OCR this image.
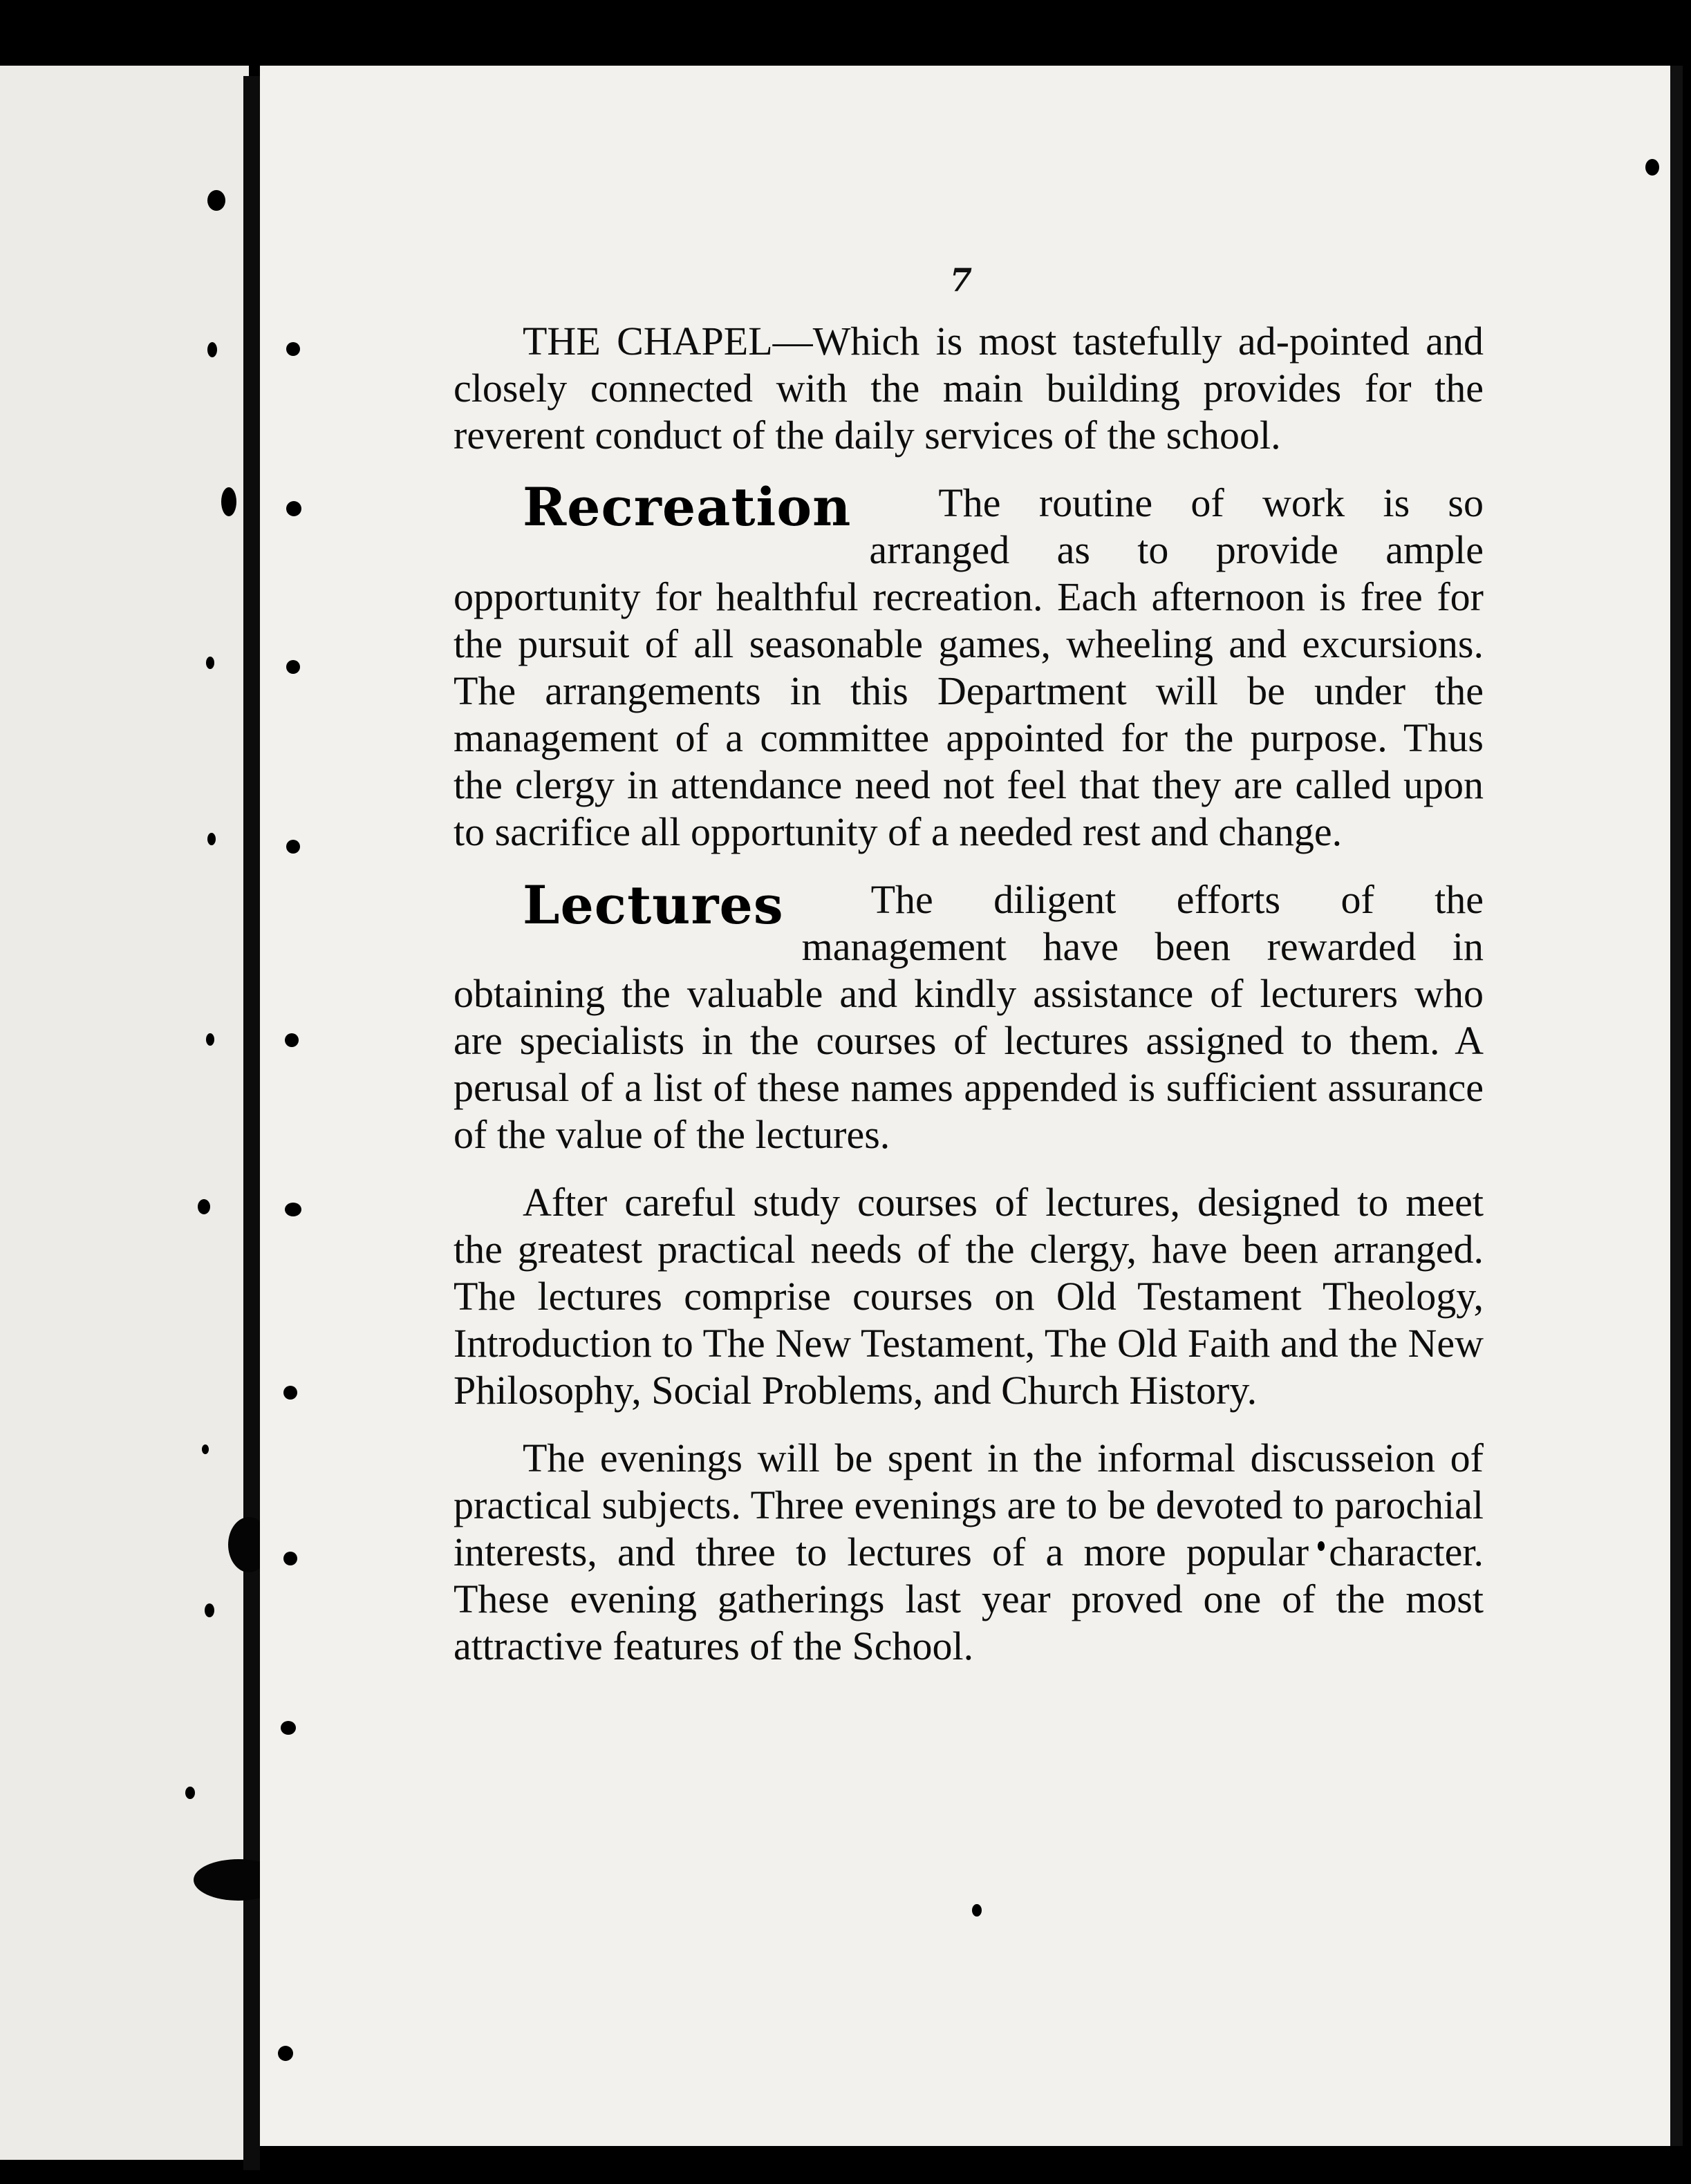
7

THE CHAPEL—Which is most tastefully ad-pointed and closely connected with the main building provides for the reverent conduct of the daily services of the school.

Recreation The routine of work is so arranged as to provide ample opportunity for healthful recreation. Each afternoon is free for the pursuit of all seasonable games, wheeling and excursions. The arrangements in this Department will be under the management of a committee appointed for the purpose. Thus the clergy in attendance need not feel that they are called upon to sacrifice all opportunity of a needed rest and change.

Lectures The diligent efforts of the management have been rewarded in obtaining the valuable and kindly assistance of lecturers who are specialists in the courses of lectures assigned to them. A perusal of a list of these names appended is sufficient assurance of the value of the lectures.

After careful study courses of lectures, designed to meet the greatest practical needs of the clergy, have been arranged. The lectures comprise courses on Old Testament Theology, Introduction to The New Testament, The Old Faith and the New Philosophy, Social Problems, and Church History.

The evenings will be spent in the informal discusseion of practical subjects. Three evenings are to be devoted to parochial interests, and three to lectures of a more popular character. These evening gatherings last year proved one of the most attractive features of the School.
